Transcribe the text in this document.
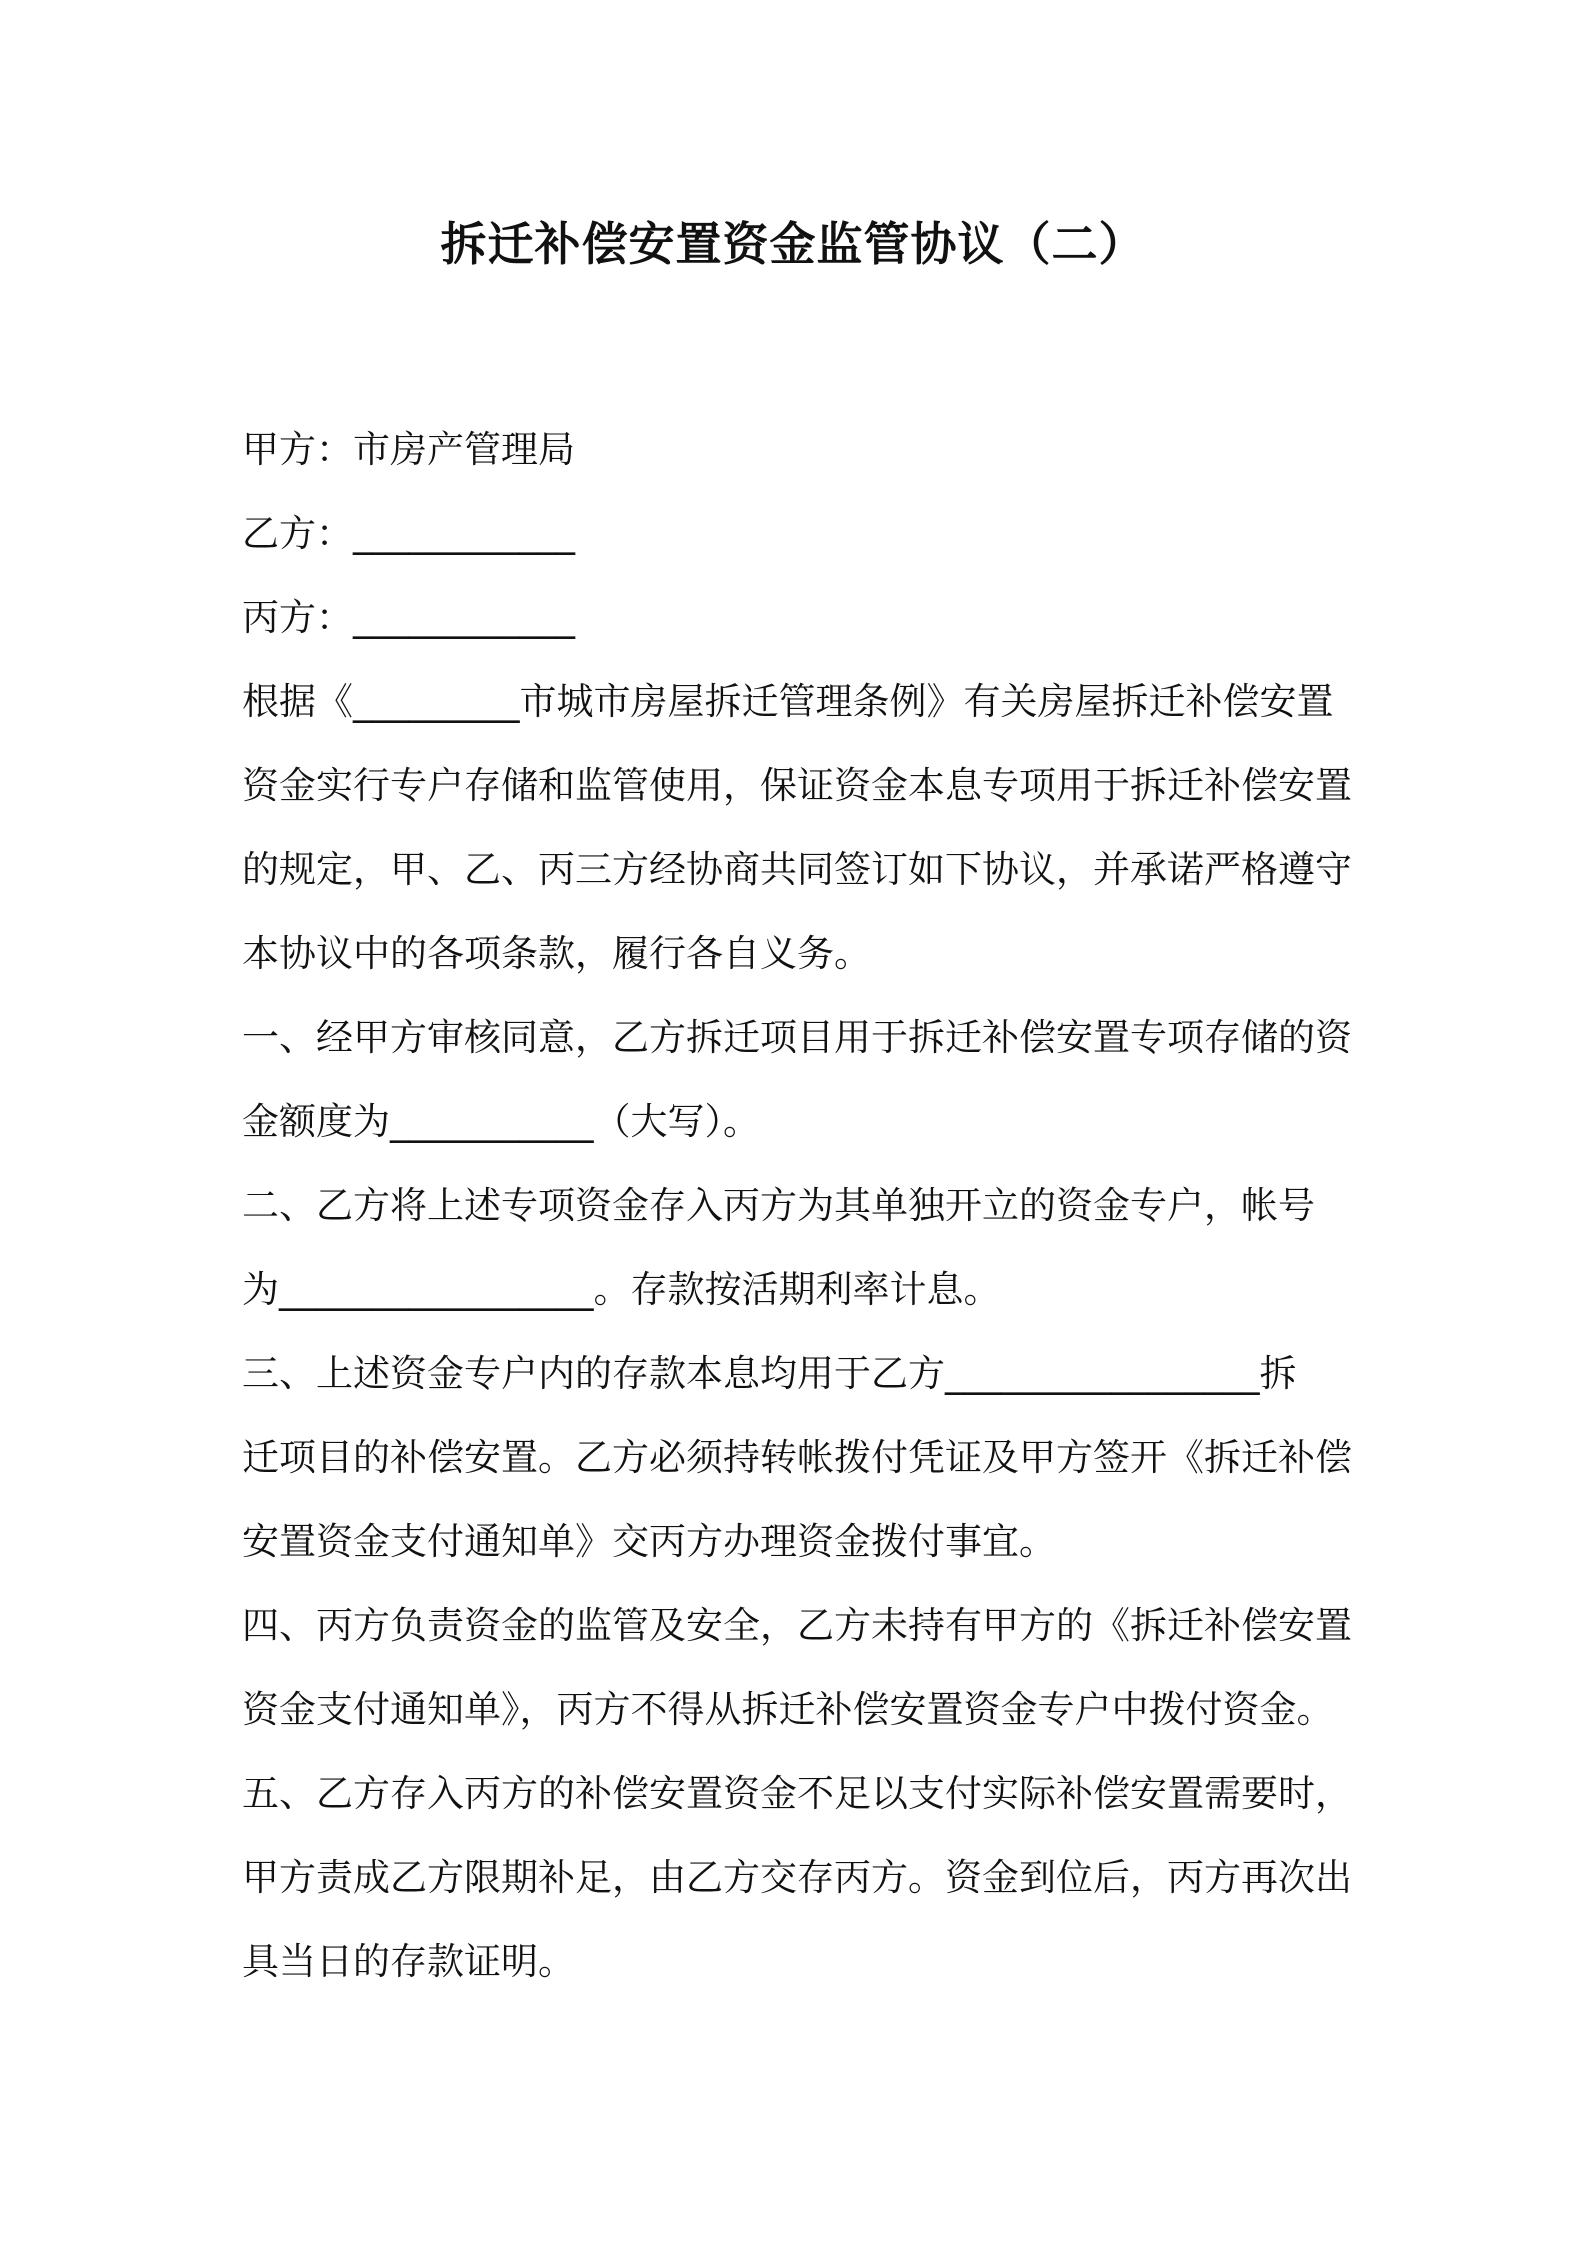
拆迁补偿安置资金监管协议（二）
甲方：市房产管理局
乙方：____________
丙方：____________
根据《_________市城市房屋拆迁管理条例》有关房屋拆迁补偿安置
资金实行专户存储和监管使用，保证资金本息专项用于拆迁补偿安置
的规定，甲、乙、丙三方经协商共同签订如下协议，并承诺严格遵守
本协议中的各项条款，履行各自义务。
一、经甲方审核同意，乙方拆迁项目用于拆迁补偿安置专项存储的资
金额度为___________（大写）。
二、乙方将上述专项资金存入丙方为其单独开立的资金专户，帐号
为_________________。存款按活期利率计息。
三、上述资金专户内的存款本息均用于乙方_________________拆
迁项目的补偿安置。乙方必须持转帐拨付凭证及甲方签开《拆迁补偿
安置资金支付通知单》交丙方办理资金拨付事宜。
四、丙方负责资金的监管及安全，乙方未持有甲方的《拆迁补偿安置
资金支付通知单》，丙方不得从拆迁补偿安置资金专户中拨付资金。
五、乙方存入丙方的补偿安置资金不足以支付实际补偿安置需要时，
甲方责成乙方限期补足，由乙方交存丙方。资金到位后，丙方再次出
具当日的存款证明。
